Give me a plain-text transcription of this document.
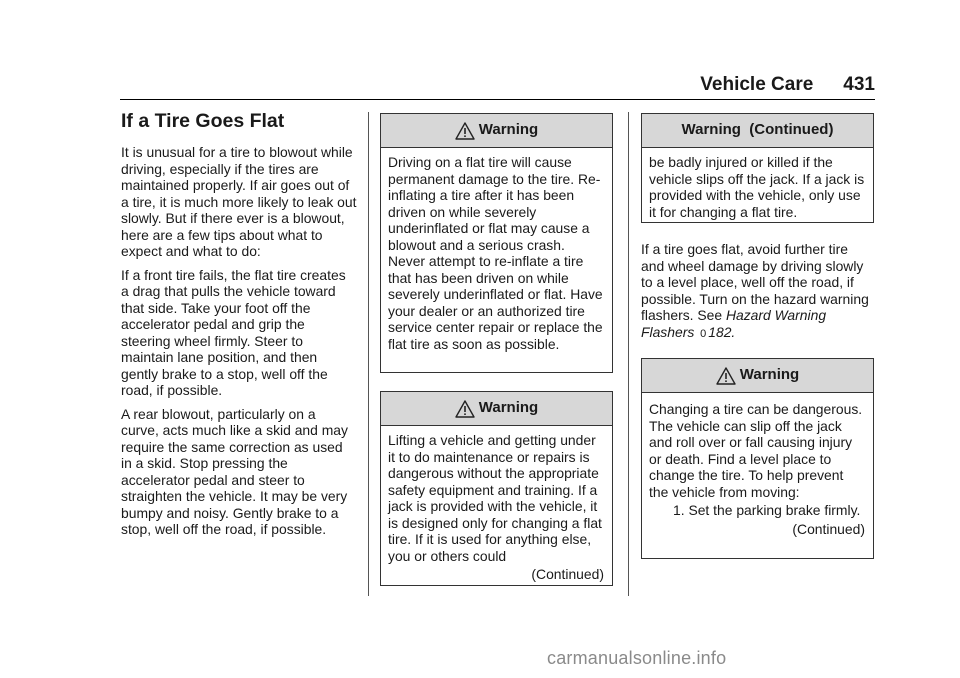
Vehicle Care 431
If a Tire Goes Flat

It is unusual for a tire to blowout while driving, especially if the tires are maintained properly. If air goes out of a tire, it is much more likely to leak out slowly. But if there ever is a blowout, here are a few tips about what to expect and what to do:

If a front tire fails, the flat tire creates a drag that pulls the vehicle toward that side. Take your foot off the accelerator pedal and grip the steering wheel firmly. Steer to maintain lane position, and then gently brake to a stop, well off the road, if possible.

A rear blowout, particularly on a curve, acts much like a skid and may require the same correction as used in a skid. Stop pressing the accelerator pedal and steer to straighten the vehicle. It may be very bumpy and noisy. Gently brake to a stop, well off the road, if possible.

Warning

Driving on a flat tire will cause permanent damage to the tire. Re-inflating a tire after it has been driven on while severely underinflated or flat may cause a blowout and a serious crash. Never attempt to re-inflate a tire that has been driven on while severely underinflated or flat. Have your dealer or an authorized tire service center repair or replace the flat tire as soon as possible.

Warning

Lifting a vehicle and getting under it to do maintenance or repairs is dangerous without the appropriate safety equipment and training. If a jack is provided with the vehicle, it is designed only for changing a flat tire. If it is used for anything else, you or others could

(Continued)
Warning  (Continued)

be badly injured or killed if the vehicle slips off the jack. If a jack is provided with the vehicle, only use it for changing a flat tire.

If a tire goes flat, avoid further tire and wheel damage by driving slowly to a level place, well off the road, if possible. Turn on the hazard warning flashers. See Hazard Warning Flashers 0 182.

Warning

Changing a tire can be dangerous. The vehicle can slip off the jack and roll over or fall causing injury or death. Find a level place to change the tire. To help prevent the vehicle from moving:

1. Set the parking brake firmly.
(Continued)
carmanualsonline.info
